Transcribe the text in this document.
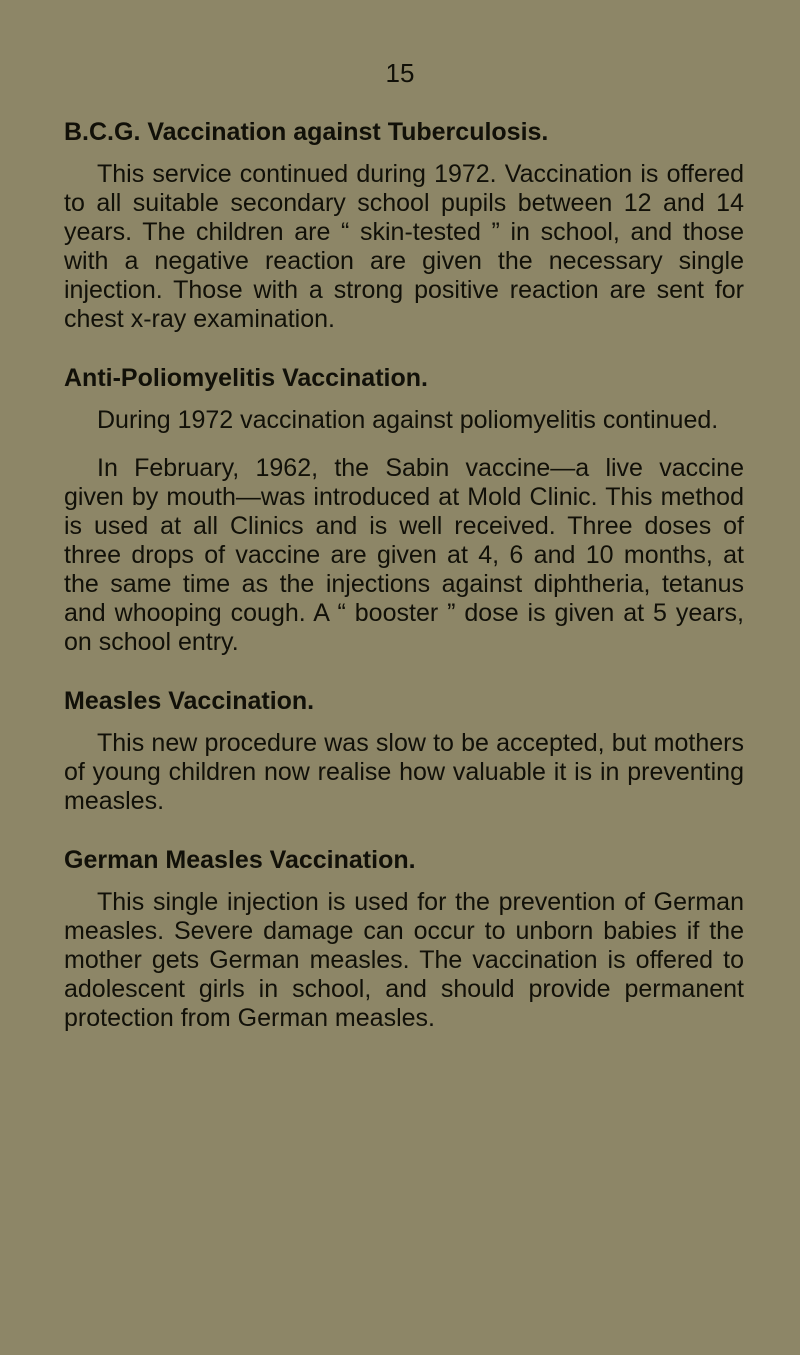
15
B.C.G. Vaccination against Tuberculosis.

This service continued during 1972. Vaccination is offered to all suitable secondary school pupils between 12 and 14 years. The children are “ skin-tested ” in school, and those with a negative reaction are given the necessary single injection. Those with a strong positive reaction are sent for chest x-ray examination.

Anti-Poliomyelitis Vaccination.

During 1972 vaccination against poliomyelitis continued.

In February, 1962, the Sabin vaccine—a live vaccine given by mouth—was introduced at Mold Clinic. This method is used at all Clinics and is well received. Three doses of three drops of vaccine are given at 4, 6 and 10 months, at the same time as the injections against diphtheria, tetanus and whooping cough. A “ booster ” dose is given at 5 years, on school entry.

Measles Vaccination.

This new procedure was slow to be accepted, but mothers of young children now realise how valuable it is in preventing measles.

German Measles Vaccination.

This single injection is used for the prevention of German measles. Severe damage can occur to unborn babies if the mother gets German measles. The vaccination is offered to adolescent girls in school, and should provide permanent protection from German measles.
